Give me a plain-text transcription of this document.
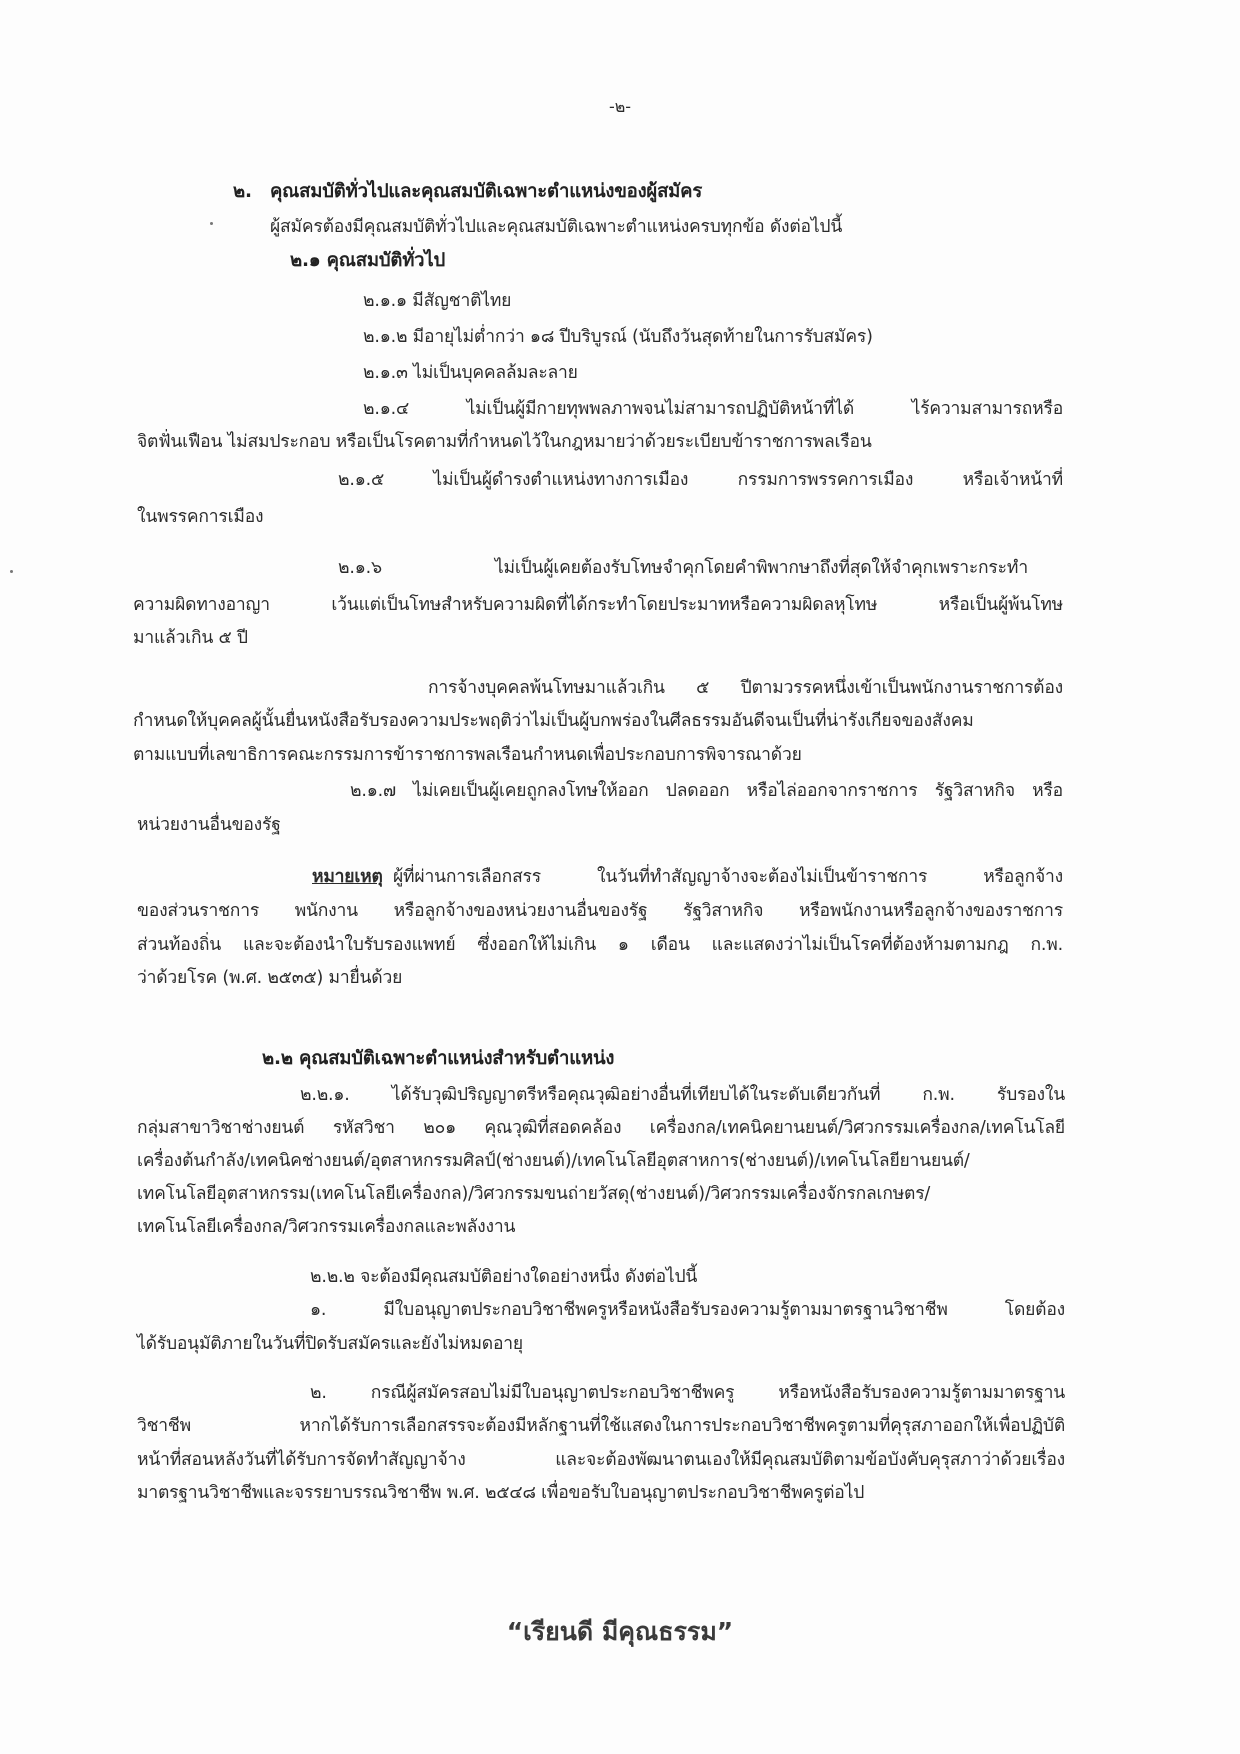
-๒-
๒. คุณสมบัติทั่วไปและคุณสมบัติเฉพาะตำแหน่งของผู้สมัคร
ผู้สมัครต้องมีคุณสมบัติทั่วไปและคุณสมบัติเฉพาะตำแหน่งครบทุกข้อ ดังต่อไปนี้
๒.๑ คุณสมบัติทั่วไป
๒.๑.๑ มีสัญชาติไทย
๒.๑.๒ มีอายุไม่ต่ำกว่า ๑๘ ปีบริบูรณ์ (นับถึงวันสุดท้ายในการรับสมัคร)
๒.๑.๓ ไม่เป็นบุคคลล้มละลาย
๒.๑.๔ ไม่เป็นผู้มีกายทุพพลภาพจนไม่สามารถปฏิบัติหน้าที่ได้ ไร้ความสามารถหรือ
จิตฟั่นเฟือน ไม่สมประกอบ หรือเป็นโรคตามที่กำหนดไว้ในกฎหมายว่าด้วยระเบียบข้าราชการพลเรือน
๒.๑.๕ ไม่เป็นผู้ดำรงตำแหน่งทางการเมือง กรรมการพรรคการเมือง หรือเจ้าหน้าที่
ในพรรคการเมือง
๒.๑.๖ ไม่เป็นผู้เคยต้องรับโทษจำคุกโดยคำพิพากษาถึงที่สุดให้จำคุกเพราะกระทำ
ความผิดทางอาญา เว้นแต่เป็นโทษสำหรับความผิดที่ได้กระทำโดยประมาทหรือความผิดลหุโทษ หรือเป็นผู้พ้นโทษ
มาแล้วเกิน ๕ ปี
การจ้างบุคคลพ้นโทษมาแล้วเกิน ๕ ปีตามวรรคหนึ่งเข้าเป็นพนักงานราชการต้อง
กำหนดให้บุคคลผู้นั้นยื่นหนังสือรับรองความประพฤติว่าไม่เป็นผู้บกพร่องในศีลธรรมอันดีจนเป็นที่น่ารังเกียจของสังคม
ตามแบบที่เลขาธิการคณะกรรมการข้าราชการพลเรือนกำหนดเพื่อประกอบการพิจารณาด้วย
๒.๑.๗ ไม่เคยเป็นผู้เคยถูกลงโทษให้ออก ปลดออก หรือไล่ออกจากราชการ รัฐวิสาหกิจ หรือ
หน่วยงานอื่นของรัฐ
หมายเหตุ ผู้ที่ผ่านการเลือกสรร ในวันที่ทำสัญญาจ้างจะต้องไม่เป็นข้าราชการ หรือลูกจ้าง
ของส่วนราชการ พนักงาน หรือลูกจ้างของหน่วยงานอื่นของรัฐ รัฐวิสาหกิจ หรือพนักงานหรือลูกจ้างของราชการ
ส่วนท้องถิ่น และจะต้องนำใบรับรองแพทย์ ซึ่งออกให้ไม่เกิน ๑ เดือน และแสดงว่าไม่เป็นโรคที่ต้องห้ามตามกฎ ก.พ.
ว่าด้วยโรค (พ.ศ. ๒๕๓๕) มายื่นด้วย
๒.๒ คุณสมบัติเฉพาะตำแหน่งสำหรับตำแหน่ง
๒.๒.๑. ได้รับวุฒิปริญญาตรีหรือคุณวุฒิอย่างอื่นที่เทียบได้ในระดับเดียวกันที่ ก.พ. รับรองใน
กลุ่มสาขาวิชาช่างยนต์ รหัสวิชา ๒๐๑ คุณวุฒิที่สอดคล้อง เครื่องกล/เทคนิคยานยนต์/วิศวกรรมเครื่องกล/เทคโนโลยี
เครื่องต้นกำลัง/เทคนิคช่างยนต์/อุตสาหกรรมศิลป์(ช่างยนต์)/เทคโนโลยีอุตสาหการ(ช่างยนต์)/เทคโนโลยียานยนต์/
เทคโนโลยีอุตสาหกรรม(เทคโนโลยีเครื่องกล)/วิศวกรรมขนถ่ายวัสดุ(ช่างยนต์)/วิศวกรรมเครื่องจักรกลเกษตร/
เทคโนโลยีเครื่องกล/วิศวกรรมเครื่องกลและพลังงาน
๒.๒.๒ จะต้องมีคุณสมบัติอย่างใดอย่างหนึ่ง ดังต่อไปนี้
๑. มีใบอนุญาตประกอบวิชาชีพครูหรือหนังสือรับรองความรู้ตามมาตรฐานวิชาชีพ โดยต้อง
ได้รับอนุมัติภายในวันที่ปิดรับสมัครและยังไม่หมดอายุ
๒. กรณีผู้สมัครสอบไม่มีใบอนุญาตประกอบวิชาชีพครู หรือหนังสือรับรองความรู้ตามมาตรฐาน
วิชาชีพ หากได้รับการเลือกสรรจะต้องมีหลักฐานที่ใช้แสดงในการประกอบวิชาชีพครูตามที่คุรุสภาออกให้เพื่อปฏิบัติ
หน้าที่สอนหลังวันที่ได้รับการจัดทำสัญญาจ้าง และจะต้องพัฒนาตนเองให้มีคุณสมบัติตามข้อบังคับคุรุสภาว่าด้วยเรื่อง
มาตรฐานวิชาชีพและจรรยาบรรณวิชาชีพ พ.ศ. ๒๕๔๘ เพื่อขอรับใบอนุญาตประกอบวิชาชีพครูต่อไป
“เรียนดี มีคุณธรรม”
